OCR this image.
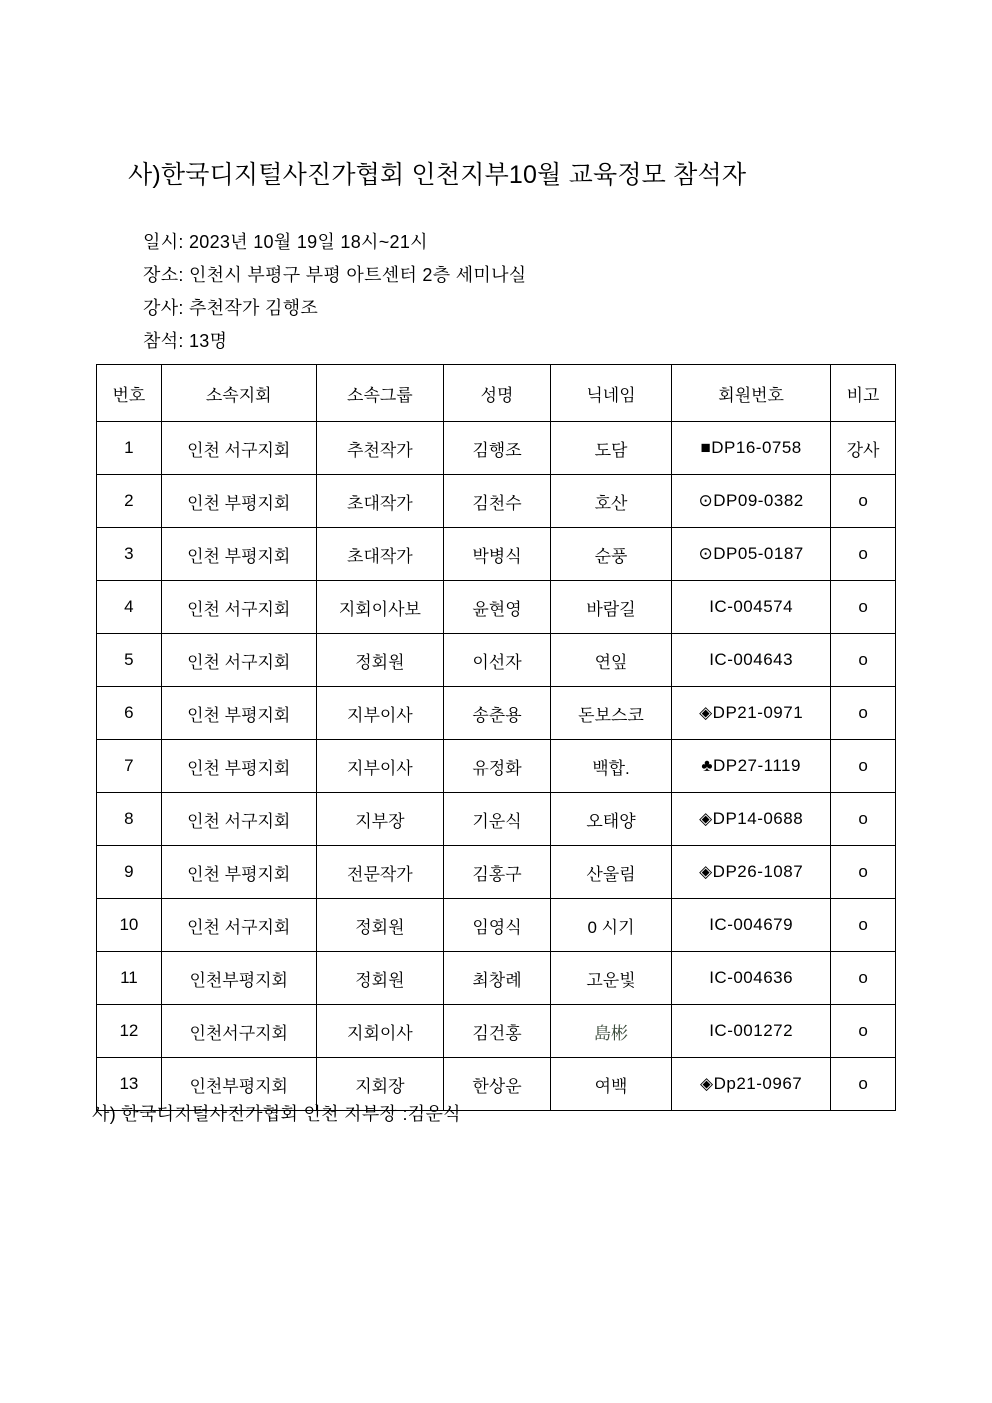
사)한국디지털사진가협회 인천지부10월 교육정모 참석자
일시: 2023년 10월 19일 18시~21시
장소: 인천시 부평구 부평 아트센터 2층 세미나실
강사: 추천작가 김행조
참석: 13명
번호	소속지회	소속그룹	성명	닉네임	회원번호	비고
1	인천 서구지회	추천작가	김행조	도담	■DP16-0758	강사
2	인천 부평지회	초대작가	김천수	호산	⊙DP09-0382	o
3	인천 부평지회	초대작가	박병식	순풍	⊙DP05-0187	o
4	인천 서구지회	지회이사보	윤현영	바람길	IC-004574	o
5	인천 서구지회	정회원	이선자	연잎	IC-004643	o
6	인천 부평지회	지부이사	송춘용	돈보스코	◈DP21-0971	o
7	인천 부평지회	지부이사	유정화	백합.	♣DP27-1119	o
8	인천 서구지회	지부장	기운식	오태양	◈DP14-0688	o
9	인천 부평지회	전문작가	김홍구	산울림	◈DP26-1087	o
10	인천 서구지회	정회원	임영식	0 시기	IC-004679	o
11	인천부평지회	정회원	최창례	고운빛	IC-004636	o
12	인천서구지회	지회이사	김건홍	島彬	IC-001272	o
13	인천부평지회	지회장	한상운	여백	◈Dp21-0967	o
사) 한국디지털사진가협회 인천 지부장 :김운식
